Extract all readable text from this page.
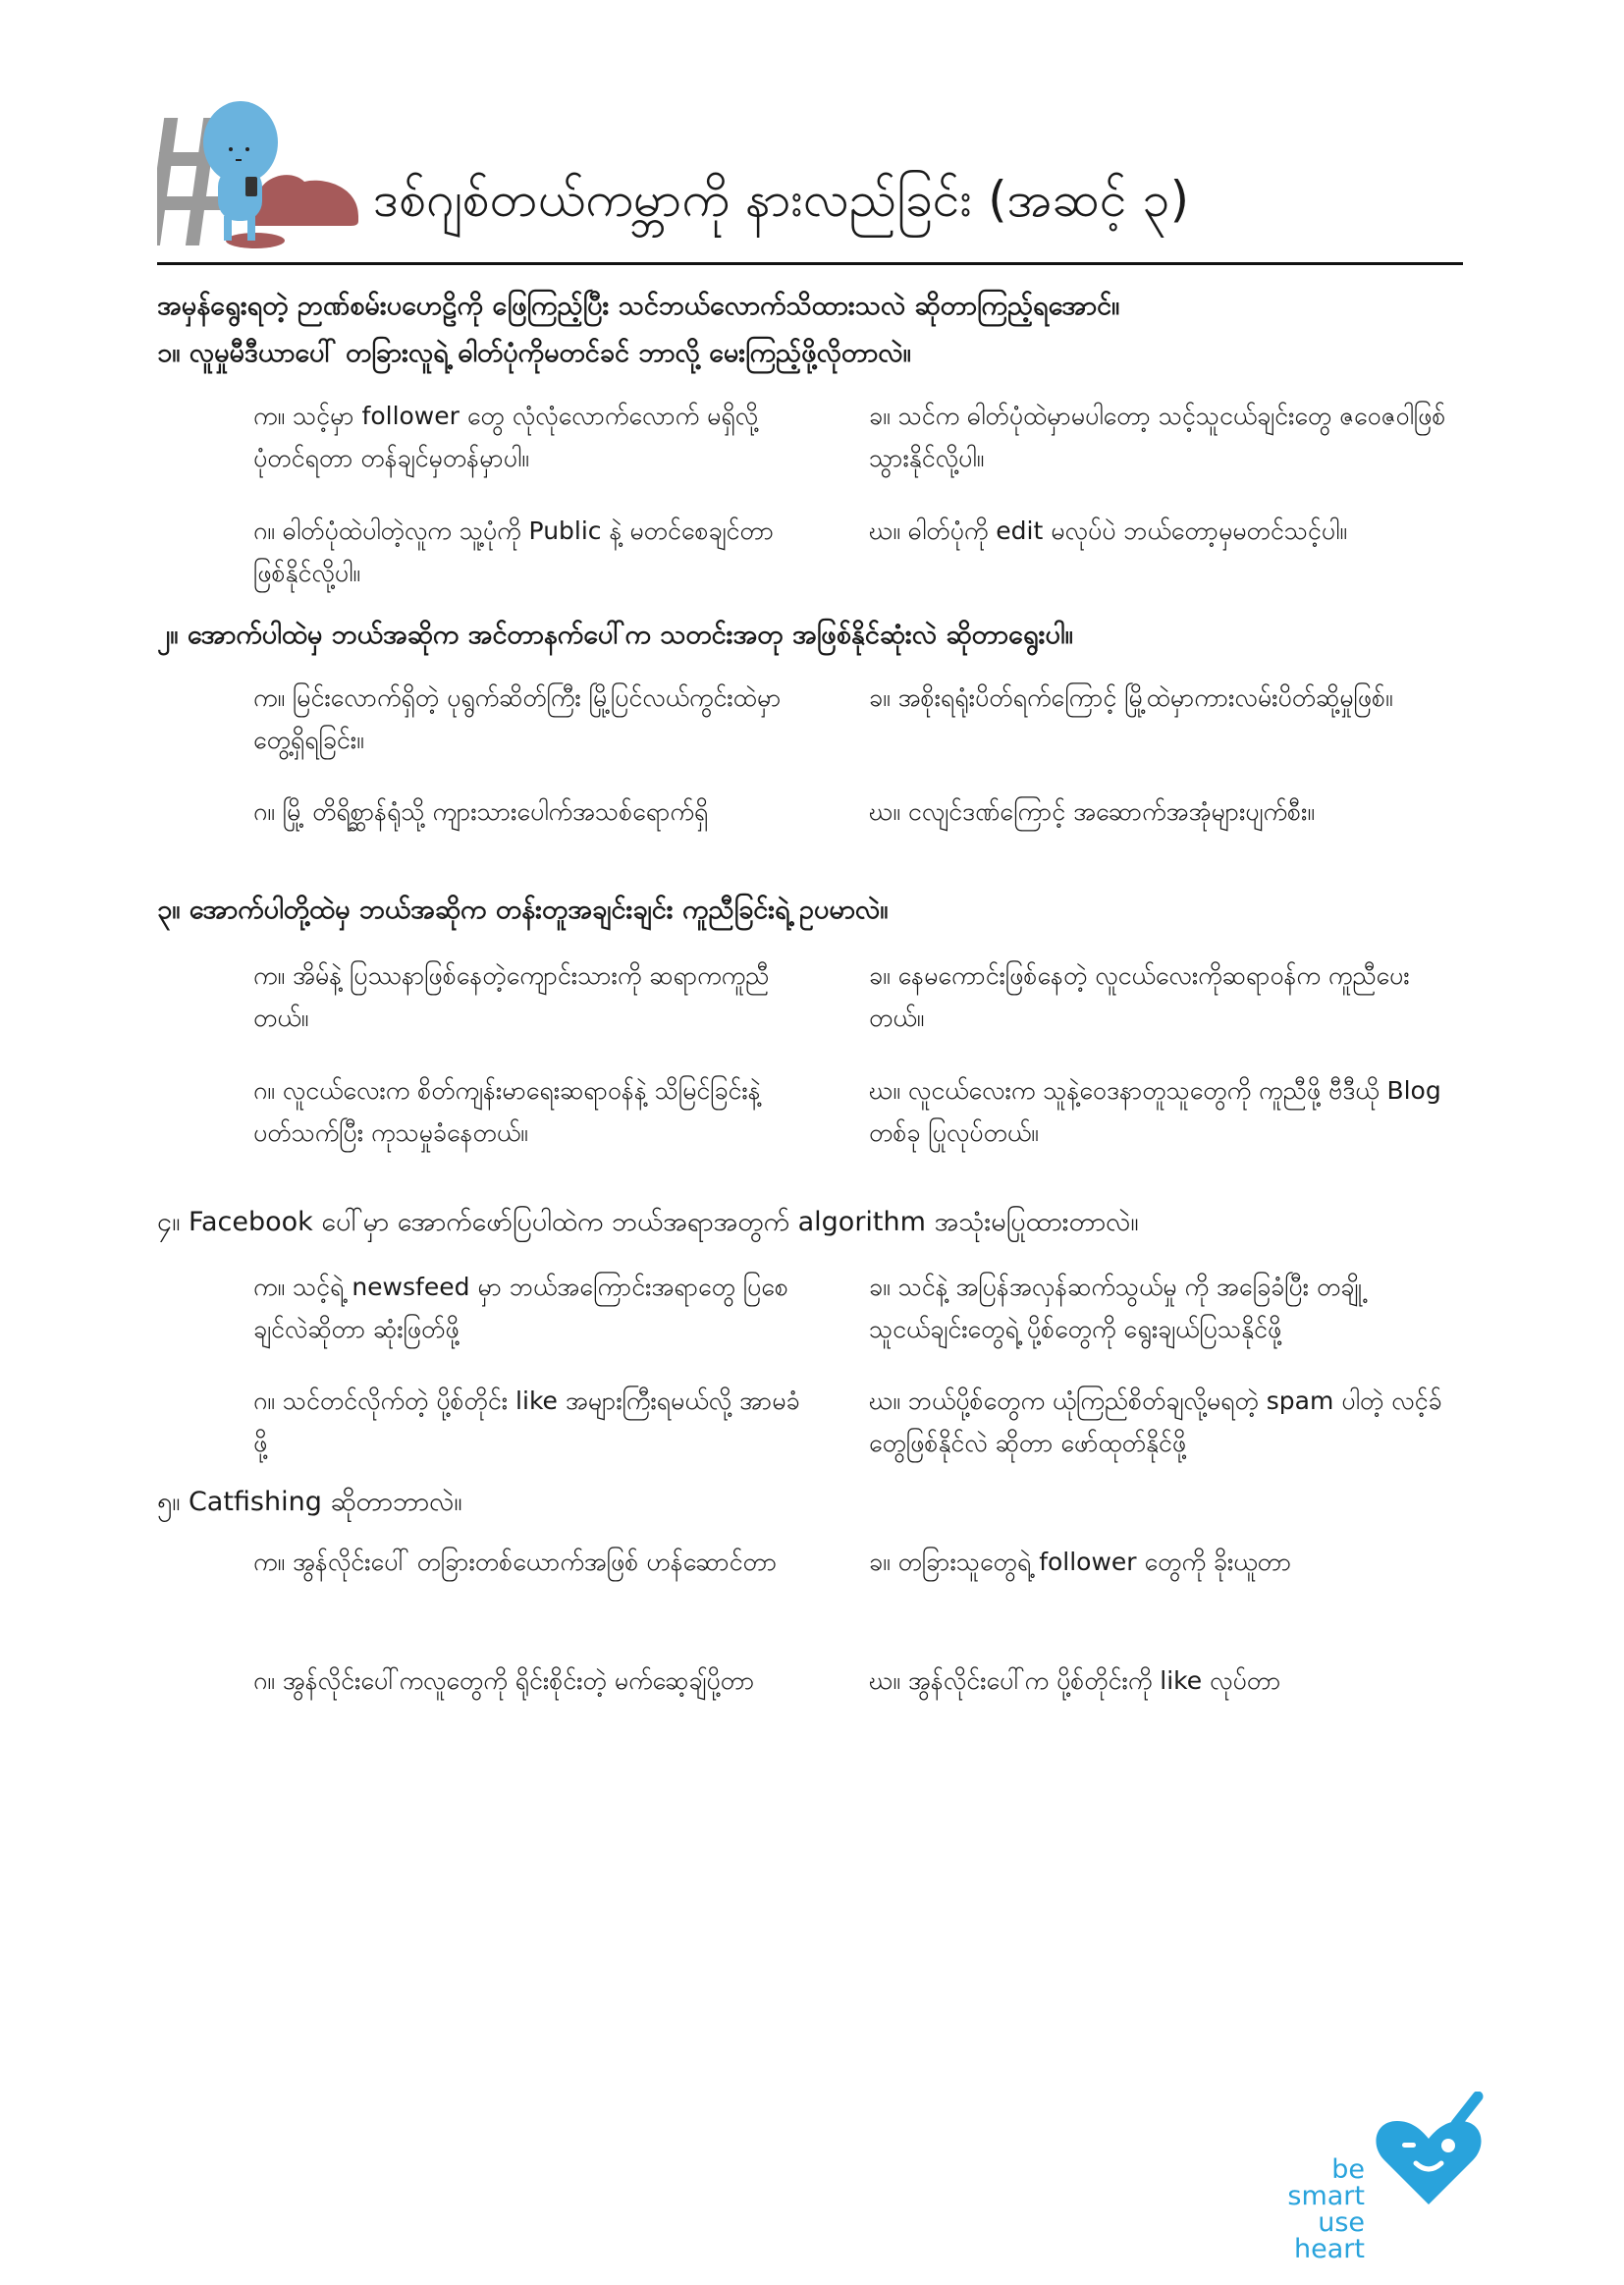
ဒစ်ဂျစ်တယ်ကမ္ဘာကို နားလည်ခြင်း (အဆင့် ၃)
အမှန်ရွေးရတဲ့ ဉာဏ်စမ်းပဟေဠိကို ဖြေကြည့်ပြီး သင်ဘယ်လောက်သိထားသလဲ ဆိုတာကြည့်ရအောင်။
၁။ လူမှုမီဒီယာပေါ် တခြားလူရဲ့ ဓါတ်ပုံကိုမတင်ခင် ဘာလို့ မေးကြည့်ဖို့လိုတာလဲ။
က။ သင့်မှာ follower တွေ လုံလုံလောက်လောက် မရှိလို့ ပုံတင်ရတာ တန်ချင်မှတန်မှာပါ။
ခ။ သင်က ဓါတ်ပုံထဲမှာမပါတော့ သင့်သူငယ်ချင်းတွေ ဇဝေဇဝါဖြစ်သွားနိုင်လို့ပါ။
ဂ။ ဓါတ်ပုံထဲပါတဲ့လူက သူ့ပုံကို Public နဲ့ မတင်စေချင်တာဖြစ်နိုင်လို့ပါ။
ဃ။ ဓါတ်ပုံကို edit မလုပ်ပဲ ဘယ်တော့မှမတင်သင့်ပါ။
၂။ အောက်ပါထဲမှ ဘယ်အဆိုက အင်တာနက်ပေါ်က သတင်းအတု အဖြစ်နိုင်ဆုံးလဲ ဆိုတာရွေးပါ။
က။ မြင်းလောက်ရှိတဲ့ ပုရွက်ဆိတ်ကြီး မြို့ပြင်လယ်ကွင်းထဲမှာ တွေ့ရှိရခြင်း။
ခ။ အစိုးရရုံးပိတ်ရက်ကြောင့် မြို့ထဲမှာကားလမ်းပိတ်ဆို့မှုဖြစ်။
ဂ။ မြို့ တိရိစ္ဆာန်ရုံသို့ ကျားသားပေါက်အသစ်ရောက်ရှိ	ဃ။ ငလျင်ဒဏ်ကြောင့် အဆောက်အအုံများပျက်စီး။
၃။ အောက်ပါတို့ထဲမှ ဘယ်အဆိုက တန်းတူအချင်းချင်း ကူညီခြင်းရဲ့ ဥပမာလဲ။
က။ အိမ်နဲ့ ပြဿနာဖြစ်နေတဲ့ကျောင်းသားကို ဆရာကကူညီတယ်။
ခ။ နေမကောင်းဖြစ်နေတဲ့ လူငယ်လေးကိုဆရာဝန်က ကူညီပေးတယ်။
ဂ။ လူငယ်လေးက စိတ်ကျန်းမာရေးဆရာဝန်နဲ့ သိမြင်ခြင်းနဲ့ပတ်သက်ပြီး ကုသမှုခံနေတယ်။
ဃ။ လူငယ်လေးက သူနဲ့ဝေဒနာတူသူတွေကို ကူညီဖို့ ဗီဒီယို Blog တစ်ခု ပြုလုပ်တယ်။
၄။ Facebook ပေါ်မှာ အောက်ဖော်ပြပါထဲက ဘယ်အရာအတွက် algorithm အသုံးမပြုထားတာလဲ။
က။ သင့်ရဲ့ newsfeed မှာ ဘယ်အကြောင်းအရာတွေ ပြစေချင်လဲဆိုတာ ဆုံးဖြတ်ဖို့
ခ။ သင်နဲ့ အပြန်အလှန်ဆက်သွယ်မှု ကို အခြေခံပြီး တချို့သူငယ်ချင်းတွေရဲ့ ပို့စ်တွေကို ရွေးချယ်ပြသနိုင်ဖို့
ဂ။ သင်တင်လိုက်တဲ့ ပို့စ်တိုင်း like အများကြီးရမယ်လို့ အာမခံဖို့
ဃ။ ဘယ်ပို့စ်တွေက ယုံကြည်စိတ်ချလို့မရတဲ့ spam ပါတဲ့ လင့်ခ်တွေဖြစ်နိုင်လဲ ဆိုတာ ဖော်ထုတ်နိုင်ဖို့
၅။ Catfishing ဆိုတာဘာလဲ။
က။ အွန်လိုင်းပေါ် တခြားတစ်ယောက်အဖြစ် ဟန်ဆောင်တာ	ခ။ တခြားသူတွေရဲ့ follower တွေကို ခိုးယူတာ
ဂ။ အွန်လိုင်းပေါ်ကလူတွေကို ရိုင်းစိုင်းတဲ့ မက်ဆေ့ချ်ပို့တာ	ဃ။ အွန်လိုင်းပေါ်က ပို့စ်တိုင်းကို like လုပ်တာ
be smart
use heart
